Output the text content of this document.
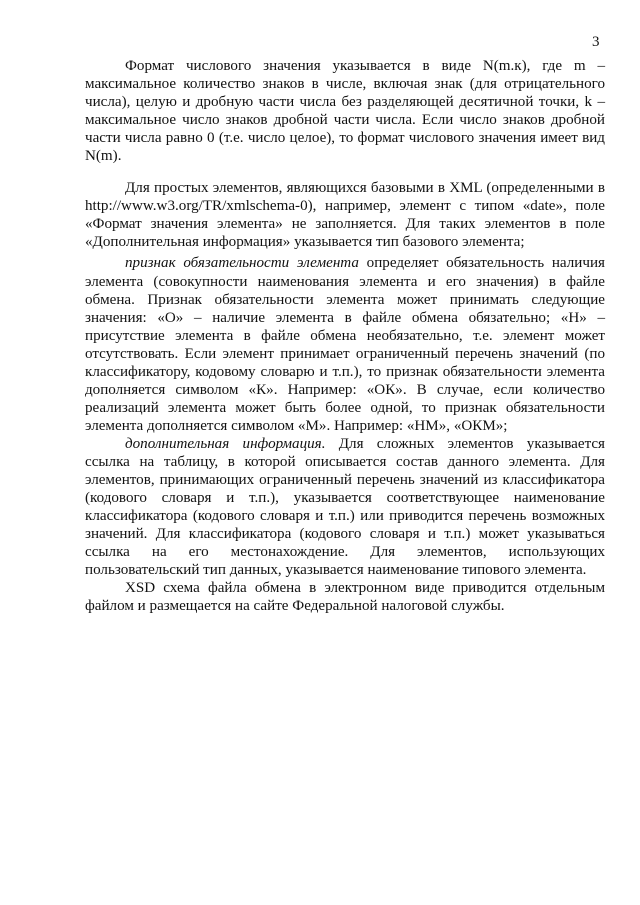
3

Формат числового значения указывается в виде N(m.к), где m – максимальное количество знаков в числе, включая знак (для отрицательного числа), целую и дробную части числа без разделяющей десятичной точки, k – максимальное число знаков дробной части числа. Если число знаков дробной части числа равно 0 (т.е. число целое), то формат числового значения имеет вид N(m).

Для простых элементов, являющихся базовыми в XML (определенными в http://www.w3.org/TR/xmlschema-0), например, элемент с типом «date», поле «Формат значения элемента» не заполняется. Для таких элементов в поле «Дополнительная информация» указывается тип базового элемента;

признак обязательности элемента определяет обязательность наличия элемента (совокупности наименования элемента и его значения) в файле обмена. Признак обязательности элемента может принимать следующие значения: «О» – наличие элемента в файле обмена обязательно; «Н» – присутствие элемента в файле обмена необязательно, т.е. элемент может отсутствовать. Если элемент принимает ограниченный перечень значений (по классификатору, кодовому словарю и т.п.), то признак обязательности элемента дополняется символом «К». Например: «ОК». В случае, если количество реализаций элемента может быть более одной, то признак обязательности элемента дополняется символом «М». Например: «НМ», «ОКМ»;

дополнительная информация. Для сложных элементов указывается ссылка на таблицу, в которой описывается состав данного элемента. Для элементов, принимающих ограниченный перечень значений из классификатора (кодового словаря и т.п.), указывается соответствующее наименование классификатора (кодового словаря и т.п.) или приводится перечень возможных значений. Для классификатора (кодового словаря и т.п.) может указываться ссылка на его местонахождение. Для элементов, использующих пользовательский тип данных, указывается наименование типового элемента.

XSD схема файла обмена в электронном виде приводится отдельным файлом и размещается на сайте Федеральной налоговой службы.
